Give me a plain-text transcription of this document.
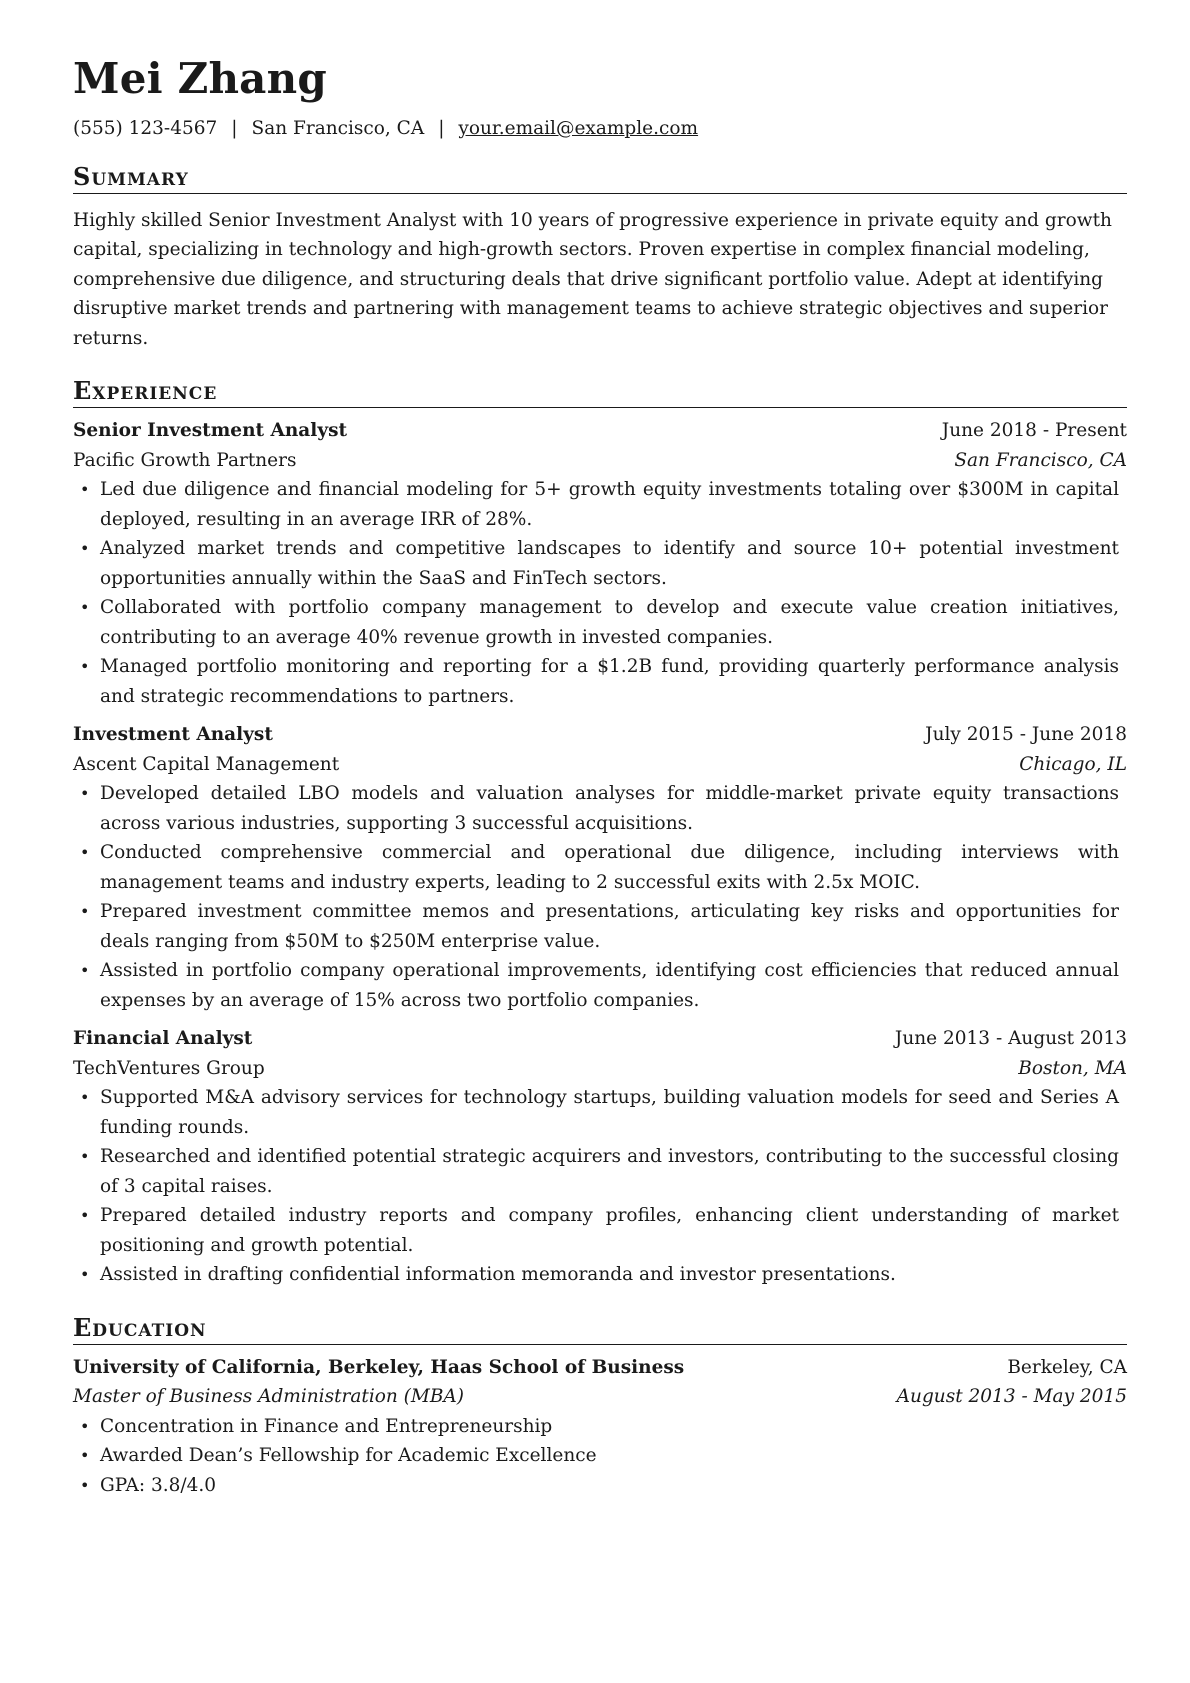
Mei Zhang
(555) 123-4567 | San Francisco, CA | your.email@example.com
Summary
Highly skilled Senior Investment Analyst with 10 years of progressive experience in private equity and growth capital, specializing in technology and high-growth sectors. Proven expertise in complex financial modeling, comprehensive due diligence, and structuring deals that drive significant portfolio value. Adept at identifying disruptive market trends and partnering with management teams to achieve strategic objectives and superior returns.
Experience
Senior Investment Analyst	June 2018 - Present
Pacific Growth Partners	San Francisco, CA
• Led due diligence and financial modeling for 5+ growth equity investments totaling over $300M in capital deployed, resulting in an average IRR of 28%.
• Analyzed market trends and competitive landscapes to identify and source 10+ potential investment opportunities annually within the SaaS and FinTech sectors.
• Collaborated with portfolio company management to develop and execute value creation initiatives, contributing to an average 40% revenue growth in invested companies.
• Managed portfolio monitoring and reporting for a $1.2B fund, providing quarterly performance analysis and strategic recommendations to partners.
Investment Analyst	July 2015 - June 2018
Ascent Capital Management	Chicago, IL
• Developed detailed LBO models and valuation analyses for middle-market private equity transactions across various industries, supporting 3 successful acquisitions.
• Conducted comprehensive commercial and operational due diligence, including interviews with management teams and industry experts, leading to 2 successful exits with 2.5x MOIC.
• Prepared investment committee memos and presentations, articulating key risks and opportunities for deals ranging from $50M to $250M enterprise value.
• Assisted in portfolio company operational improvements, identifying cost efficiencies that reduced annual expenses by an average of 15% across two portfolio companies.
Financial Analyst	June 2013 - August 2013
TechVentures Group	Boston, MA
• Supported M&A advisory services for technology startups, building valuation models for seed and Series A funding rounds.
• Researched and identified potential strategic acquirers and investors, contributing to the successful closing of 3 capital raises.
• Prepared detailed industry reports and company profiles, enhancing client understanding of market positioning and growth potential.
• Assisted in drafting confidential information memoranda and investor presentations.
Education
University of California, Berkeley, Haas School of Business	Berkeley, CA
Master of Business Administration (MBA)	August 2013 - May 2015
• Concentration in Finance and Entrepreneurship
• Awarded Dean’s Fellowship for Academic Excellence
• GPA: 3.8/4.0
